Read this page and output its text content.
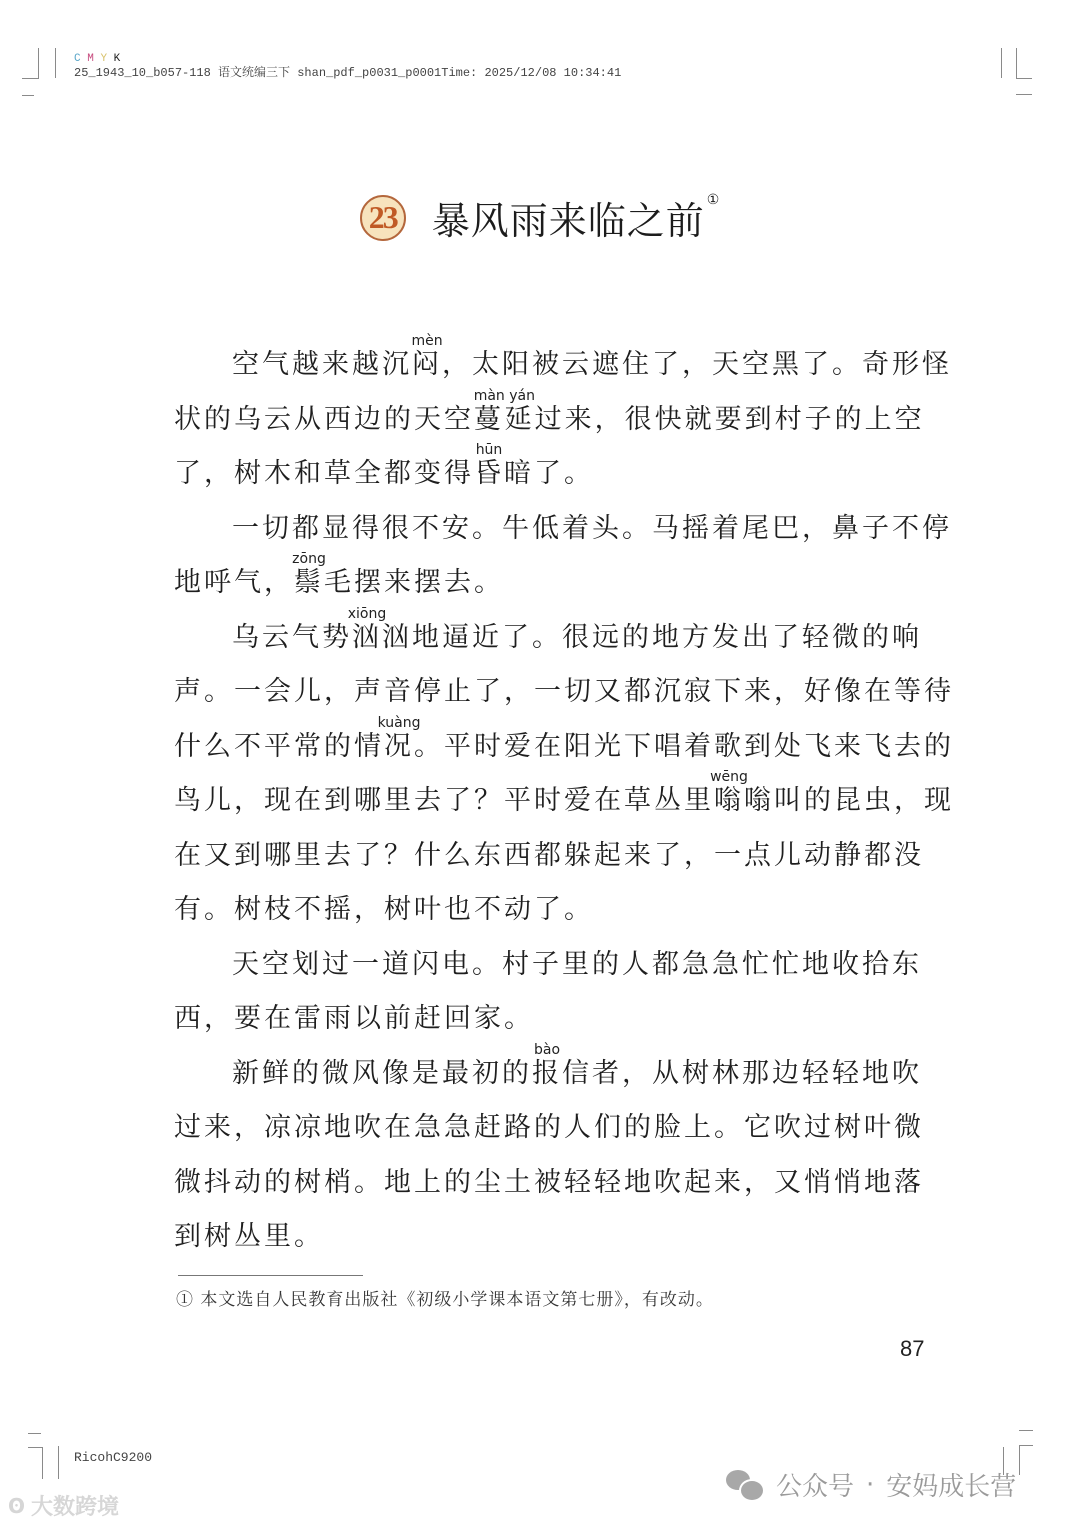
C M Y K
25_1943_10_b057-118 语文统编三下 shan_pdf_p0031_p0001Time: 2025/12/08 10:34:41
23 暴风雨来临之前 ①
空气越来越沉闷mèn，太阳被云遮住了，天空黑了。奇形怪
状的乌云从西边的天空蔓延màn yán过来，很快就要到村子的上空
了，树木和草全都变得昏hūn暗了。
一切都显得很不安。牛低着头。马摇着尾巴，鼻子不停
地呼气，鬃zōng毛摆来摆去。
乌云气势汹xiōng汹地逼近了。很远的地方发出了轻微的响
声。一会儿，声音停止了，一切又都沉寂下来，好像在等待
什么不平常的情况kuàng。平时爱在阳光下唱着歌到处飞来飞去的
鸟儿，现在到哪里去了？平时爱在草丛里嗡wēng嗡叫的昆虫，现
在又到哪里去了？什么东西都躲起来了，一点儿动静都没
有。树枝不摇，树叶也不动了。
天空划过一道闪电。村子里的人都急急忙忙地收拾东
西，要在雷雨以前赶回家。
新鲜的微风像是最初的报bào信者，从树林那边轻轻地吹
过来，凉凉地吹在急急赶路的人们的脸上。它吹过树叶微
微抖动的树梢。地上的尘土被轻轻地吹起来，又悄悄地落
到树丛里。
① 本文选自人民教育出版社《初级小学课本语文第七册》，有改动。
87
RicohC9200
ʘ 大数跨境
公众号 · 安妈成长营
